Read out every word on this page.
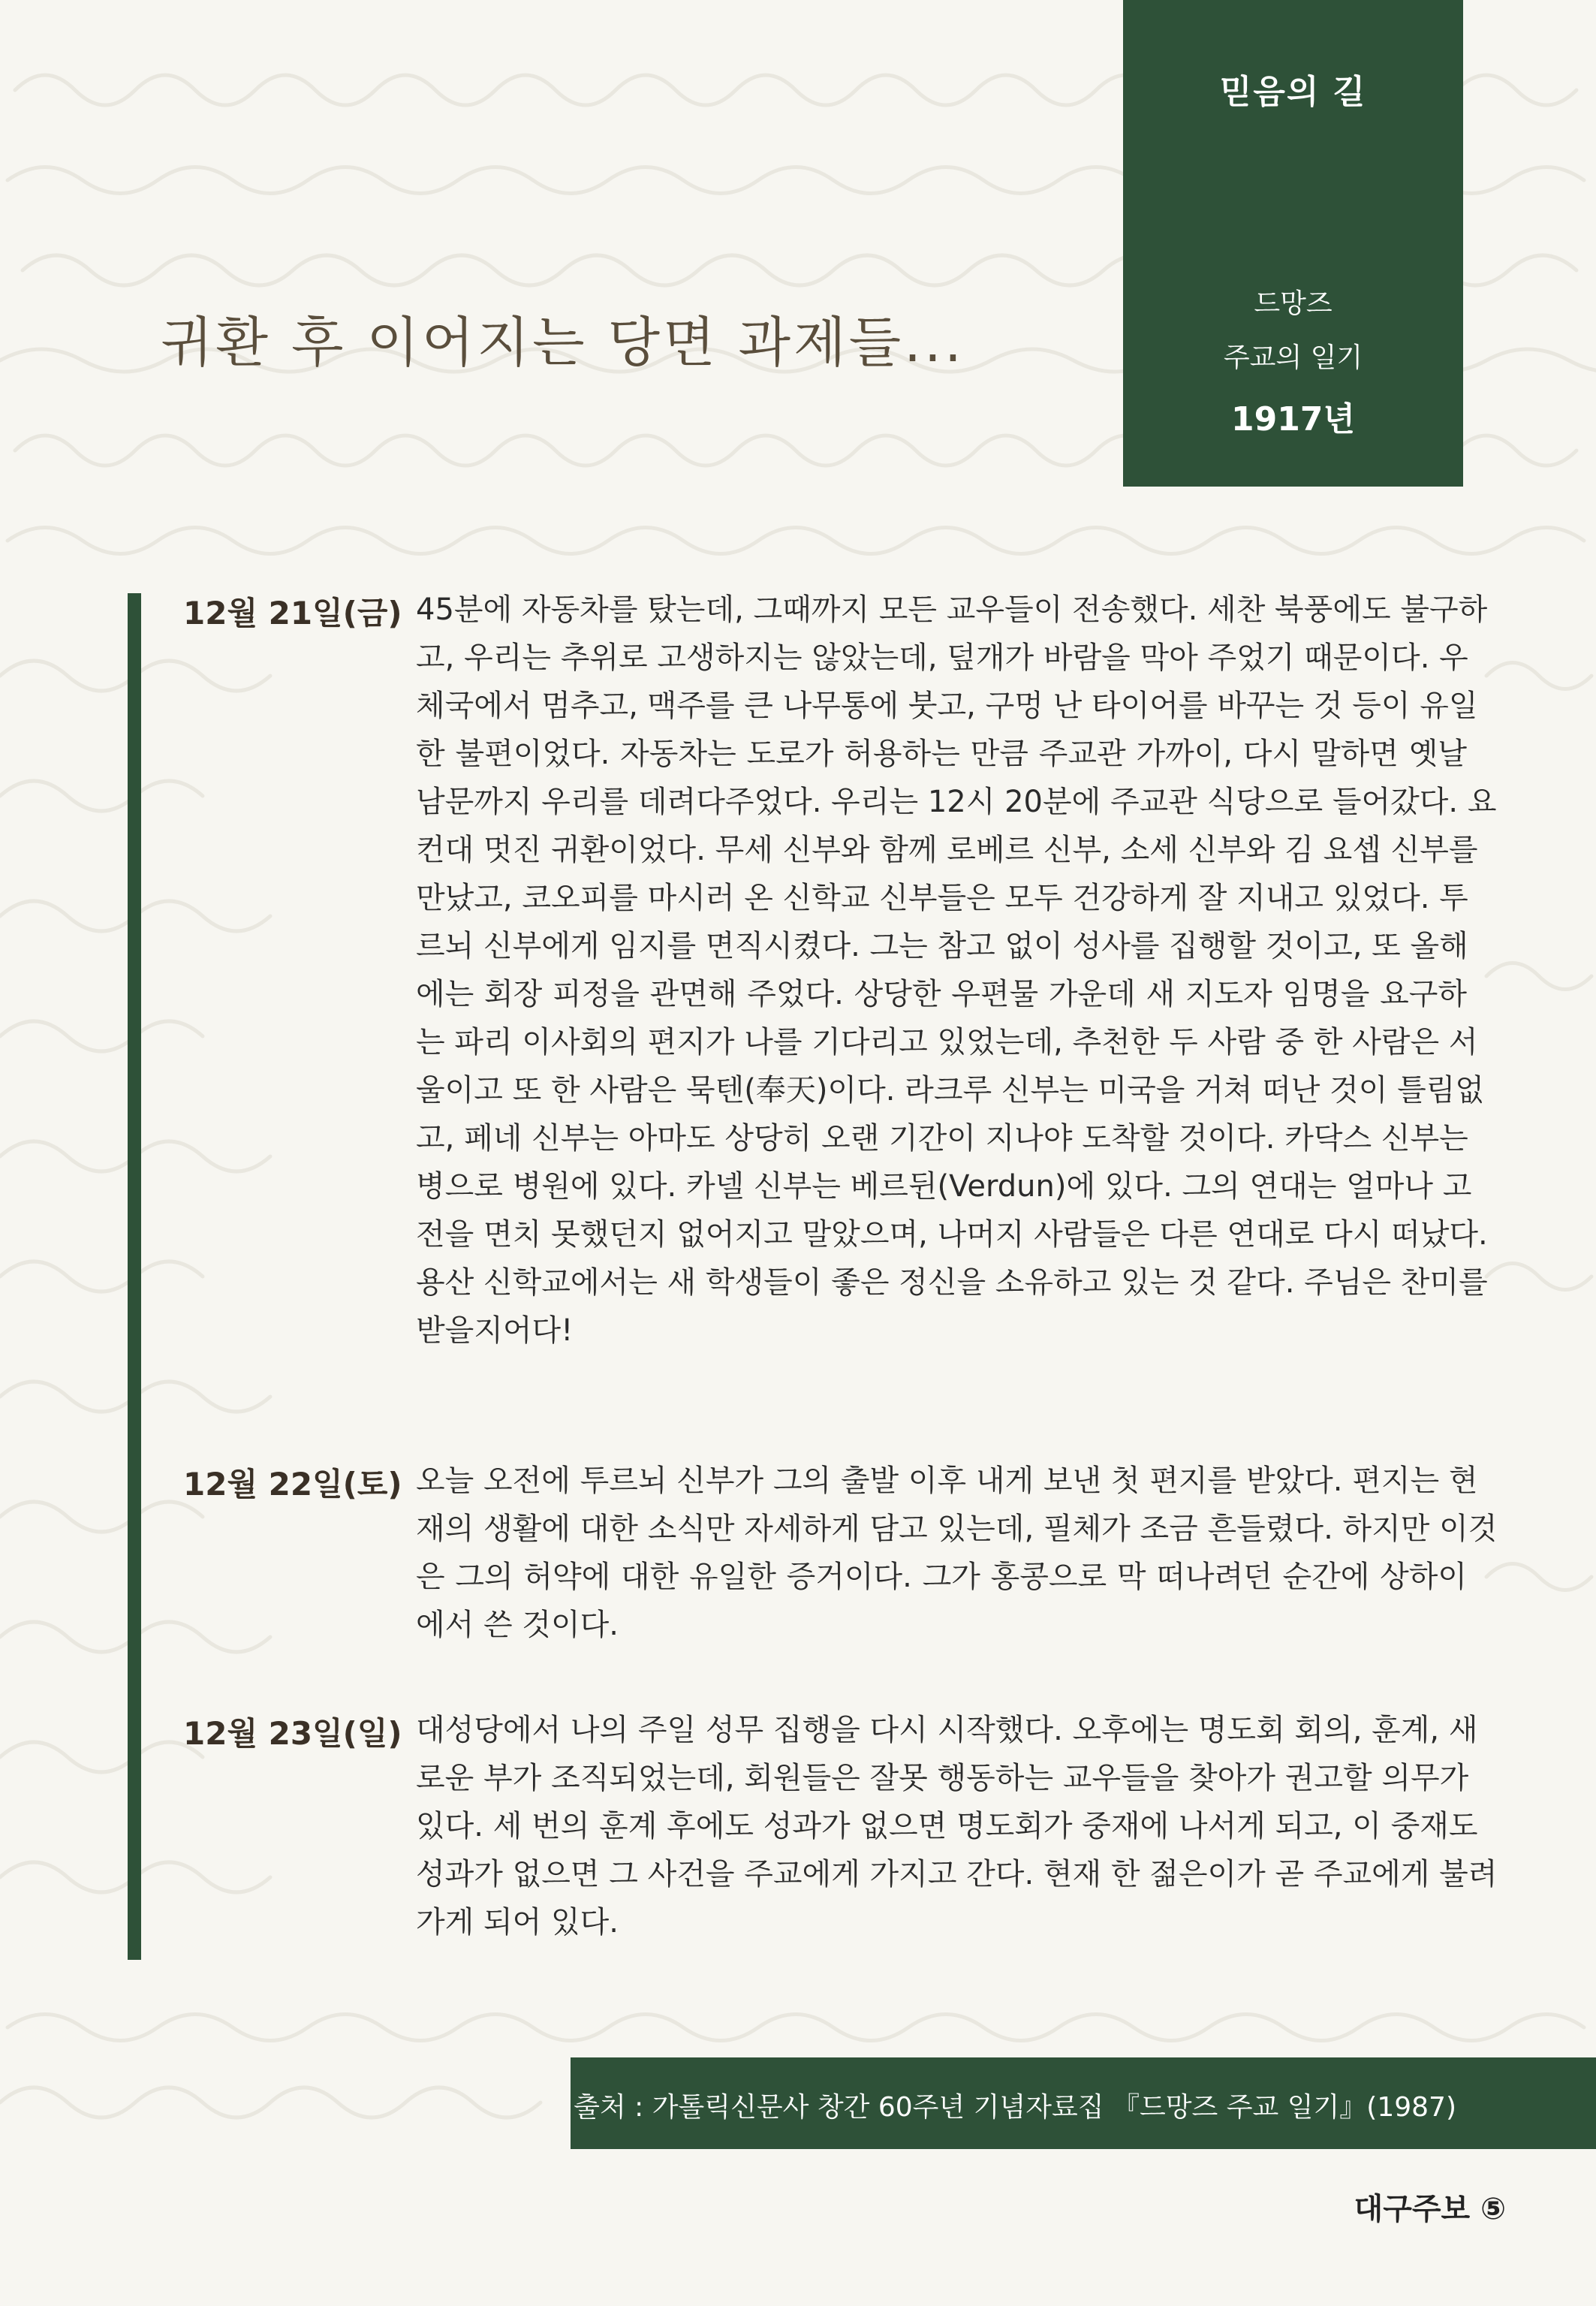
믿음의 길
드망즈
주교의 일기
1917년
귀환 후 이어지는 당면 과제들...
12월 21일(금) 45분에 자동차를 탔는데, 그때까지 모든 교우들이 전송했다. 세찬 북풍에도 불구하
고, 우리는 추위로 고생하지는 않았는데, 덮개가 바람을 막아 주었기 때문이다. 우
체국에서 멈추고, 맥주를 큰 나무통에 붓고, 구멍 난 타이어를 바꾸는 것 등이 유일
한 불편이었다. 자동차는 도로가 허용하는 만큼 주교관 가까이, 다시 말하면 옛날
남문까지 우리를 데려다주었다. 우리는 12시 20분에 주교관 식당으로 들어갔다. 요
컨대 멋진 귀환이었다. 무세 신부와 함께 로베르 신부, 소세 신부와 김 요셉 신부를
만났고, 코오피를 마시러 온 신학교 신부들은 모두 건강하게 잘 지내고 있었다. 투
르뇌 신부에게 임지를 면직시켰다. 그는 참고 없이 성사를 집행할 것이고, 또 올해
에는 회장 피정을 관면해 주었다. 상당한 우편물 가운데 새 지도자 임명을 요구하
는 파리 이사회의 편지가 나를 기다리고 있었는데, 추천한 두 사람 중 한 사람은 서
울이고 또 한 사람은 묵텐(奉天)이다. 라크루 신부는 미국을 거쳐 떠난 것이 틀림없
고, 페네 신부는 아마도 상당히 오랜 기간이 지나야 도착할 것이다. 카닥스 신부는
병으로 병원에 있다. 카넬 신부는 베르뒨(Verdun)에 있다. 그의 연대는 얼마나 고
전을 면치 못했던지 없어지고 말았으며, 나머지 사람들은 다른 연대로 다시 떠났다.
용산 신학교에서는 새 학생들이 좋은 정신을 소유하고 있는 것 같다. 주님은 찬미를
받을지어다!
12월 22일(토) 오늘 오전에 투르뇌 신부가 그의 출발 이후 내게 보낸 첫 편지를 받았다. 편지는 현
재의 생활에 대한 소식만 자세하게 담고 있는데, 필체가 조금 흔들렸다. 하지만 이것
은 그의 허약에 대한 유일한 증거이다. 그가 홍콩으로 막 떠나려던 순간에 상하이
에서 쓴 것이다.
12월 23일(일) 대성당에서 나의 주일 성무 집행을 다시 시작했다. 오후에는 명도회 회의, 훈계, 새
로운 부가 조직되었는데, 회원들은 잘못 행동하는 교우들을 찾아가 권고할 의무가
있다. 세 번의 훈계 후에도 성과가 없으면 명도회가 중재에 나서게 되고, 이 중재도
성과가 없으면 그 사건을 주교에게 가지고 간다. 현재 한 젊은이가 곧 주교에게 불려
가게 되어 있다.
출처 : 가톨릭신문사 창간 60주년 기념자료집 『드망즈 주교 일기』(1987)
대구주보 ⑤
